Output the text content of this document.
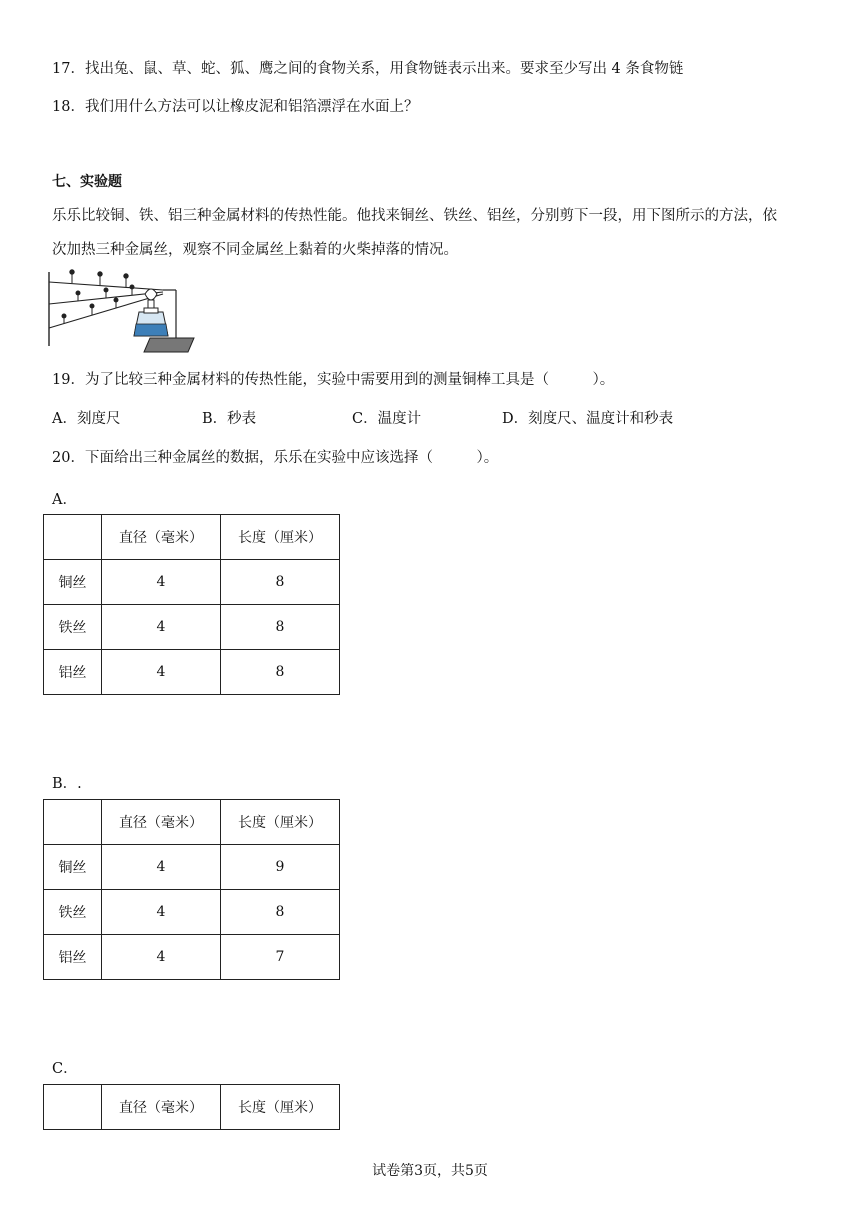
17．找出兔、鼠、草、蛇、狐、鹰之间的食物关系，用食物链表示出来。要求至少写出 4 条食物链
18．我们用什么方法可以让橡皮泥和铝箔漂浮在水面上？
七、实验题
乐乐比较铜、铁、铝三种金属材料的传热性能。他找来铜丝、铁丝、铝丝，分别剪下一段，用下图所示的方法，依
次加热三种金属丝，观察不同金属丝上黏着的火柴掉落的情况。
19．为了比较三种金属材料的传热性能，实验中需要用到的测量铜棒工具是（　　　）。
A．刻度尺	B．秒表	C．温度计	D．刻度尺、温度计和秒表
20．下面给出三种金属丝的数据，乐乐在实验中应该选择（　　　）。
A．
	直径（毫米）	长度（厘米）
铜丝	4	8
铁丝	4	8
铝丝	4	8
B．.
	直径（毫米）	长度（厘米）
铜丝	4	9
铁丝	4	8
铝丝	4	7
C．
	直径（毫米）	长度（厘米）
试卷第3页，共5页
